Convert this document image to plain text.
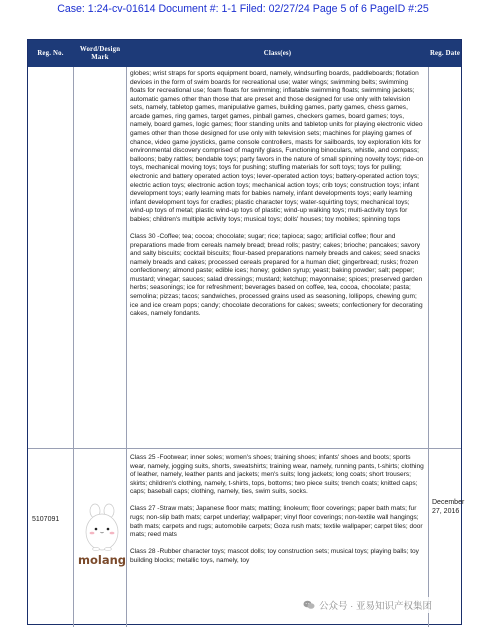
Case: 1:24-cv-01614 Document #: 1-1 Filed: 02/27/24 Page 5 of 6 PageID #:25
Reg. No.
Word/Design
Mark
Class(es)	Reg. Date

globes; wrist straps for sports equipment board, namely, windsurfing boards, paddleboards; flotation devices in the form of swim boards for recreational use; water wings; swimming belts; swimming floats for recreational use; foam floats for swimming; inflatable swimming floats; swimming jackets; automatic games other than those that are preset and those designed for use only with television sets, namely, tabletop games, manipulative games, building games, party games, chess games, arcade games, ring games, target games, pinball games, checkers games, board games; toys, namely, board games, logic games; floor standing units and tabletop units for playing electronic video games other than those designed for use only with television sets; machines for playing games of chance, video game joysticks, game console controllers, masts for sailboards, toy exploration kits for environmental discovery comprised of magnify glass, Functioning binoculars, whistle, and compass; balloons; baby rattles; bendable toys; party favors in the nature of small spinning novelty toys; ride-on toys, mechanical moving toys; toys for pushing; stuffing materials for soft toys; toys for pulling; electronic and battery operated action toys; lever-operated action toys; battery-operated action toys; electric action toys; electronic action toys; mechanical action toys; crib toys; construction toys; infant development toys; early learning mats for babies namely, infant developments toys; early learning infant development toys for cradles; plastic character toys; water-squirting toys; mechanical toys; wind-up toys of metal; plastic wind-up toys of plastic; wind-up walking toys; multi-activity toys for babies; children's multiple activity toys; musical toys; dolls' houses; toy mobiles; spinning tops

Class 30 -Coffee; tea; cocoa; chocolate; sugar; rice; tapioca; sago; artificial coffee; flour and preparations made from cereals namely bread; bread rolls; pastry; cakes; brioche; pancakes; savory and salty biscuits; cocktail biscuits; flour-based preparations namely breads and cakes; seed snacks namely breads and cakes; processed cereals prepared for a human diet; gingerbread; rusks; frozen confectionery; almond paste; edible ices; honey; golden syrup; yeast; baking powder; salt; pepper; mustard; vinegar; sauces; salad dressings; mustard; ketchup; mayonnaise; spices; preserved garden herbs; seasonings; ice for refreshment; beverages based on coffee, tea, cocoa, chocolate; pasta; semolina; pizzas; tacos; sandwiches, processed grains used as seasoning, lollipops, chewing gum; ice and ice cream pops; candy; chocolate decorations for cakes; sweets; confectionery for decorating cakes, namely fondants.

5107091
molang

Class 25 -Footwear; inner soles; women's shoes; training shoes; infants' shoes and boots; sports wear, namely, jogging suits, shorts, sweatshirts; training wear, namely, running pants, t-shirts; clothing of leather, namely, leather pants and jackets; men's suits; long jackets; long coats; short trousers; skirts; children's clothing, namely, t-shirts, tops, bottoms; two piece suits; trench coats; knitted caps; caps; baseball caps; clothing, namely, ties, swim suits, socks.

Class 27 -Straw mats; Japanese floor mats; matting; linoleum; floor coverings; paper bath mats; fur rugs; non-slip bath mats; carpet underlay; wallpaper; vinyl floor coverings; non-textile wall hangings; bath mats; carpets and rugs; automobile carpets; Goza rush mats; textile wallpaper; carpet tiles; door mats; reed mats

Class 28 -Rubber character toys; mascot dolls; toy construction sets; musical toys; playing balls; toy building blocks; metallic toys, namely, toy

December 27, 2016
公众号 · 亚易知识产权集团
